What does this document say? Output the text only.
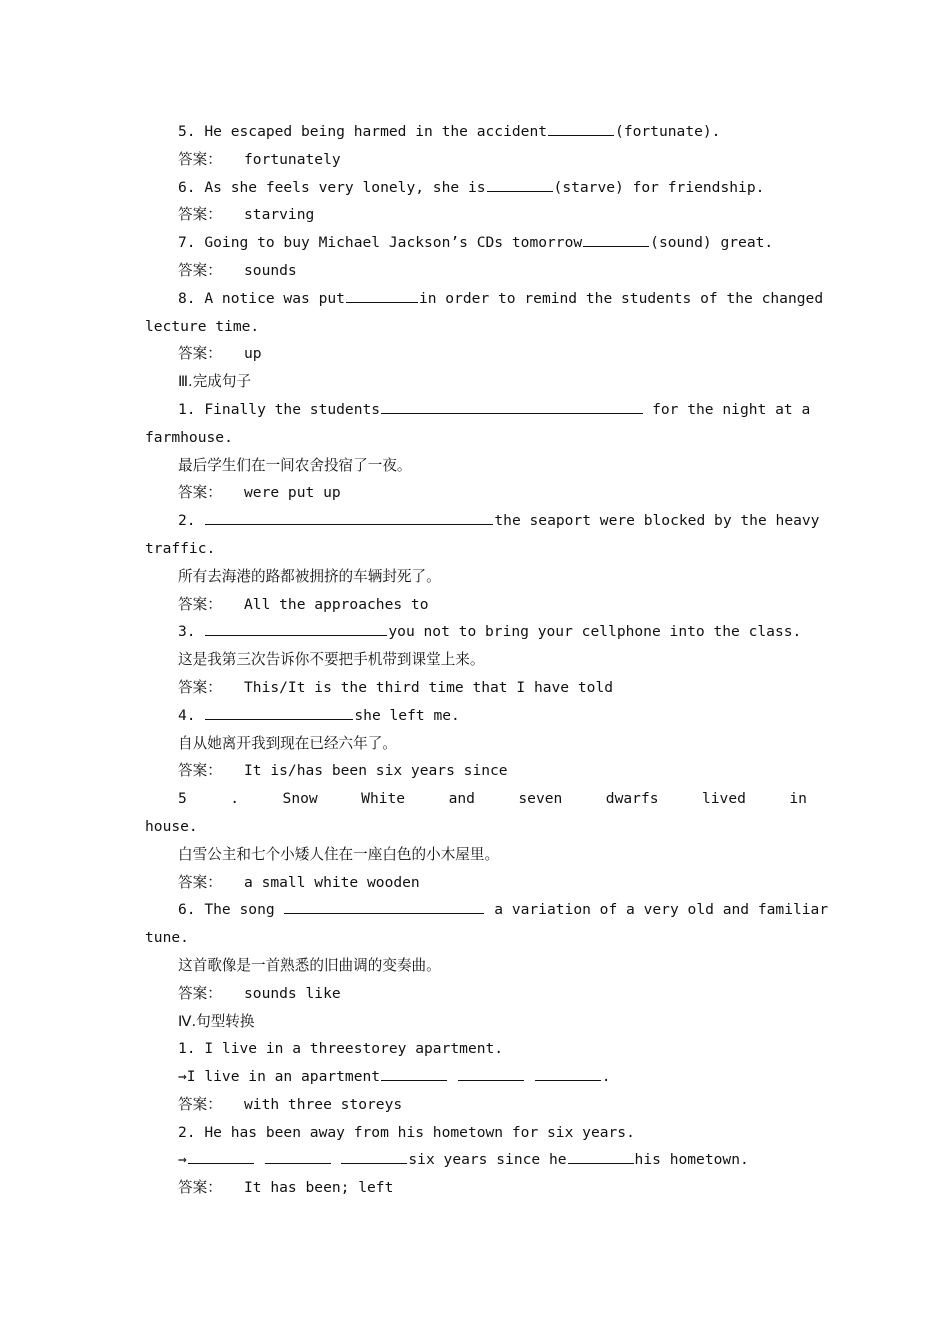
5. He escaped being harmed in the accident	(fortunate).
答案： fortunately
6. As she feels very lonely, she is	(starve) for friendship.
答案： starving
7. Going to buy Michael Jackson’s CDs tomorrow	(sound) great.
答案： sounds
8. A notice was put	in order to remind the students of the changed
lecture time.
答案： up
Ⅲ.完成句子
1. Finally the students	for the night at a
farmhouse.
最后学生们在一间农舍投宿了一夜。
答案： were put up
2.	the seaport were blocked by the heavy
traffic.
所有去海港的路都被拥挤的车辆封死了。
答案： All the approaches to
3.	you not to bring your cellphone into the class.
这是我第三次告诉你不要把手机带到课堂上来。
答案： This/It is the third time that I have told
4.	she left me.
自从她离开我到现在已经六年了。
答案： It is/has been six years since
5	.	Snow	White	and	seven	dwarfs	lived	in
house.
白雪公主和七个小矮人住在一座白色的小木屋里。
答案： a small white wooden
6. The song	a variation of a very old and familiar
tune.
这首歌像是一首熟悉的旧曲调的变奏曲。
答案： sounds like
Ⅳ.句型转换
1. I live in a threestorey apartment.
→I live in an apartment	.
答案： with three storeys
2. He has been away from his hometown for six years.
→	six years since he	his hometown.
答案： It has been; left
